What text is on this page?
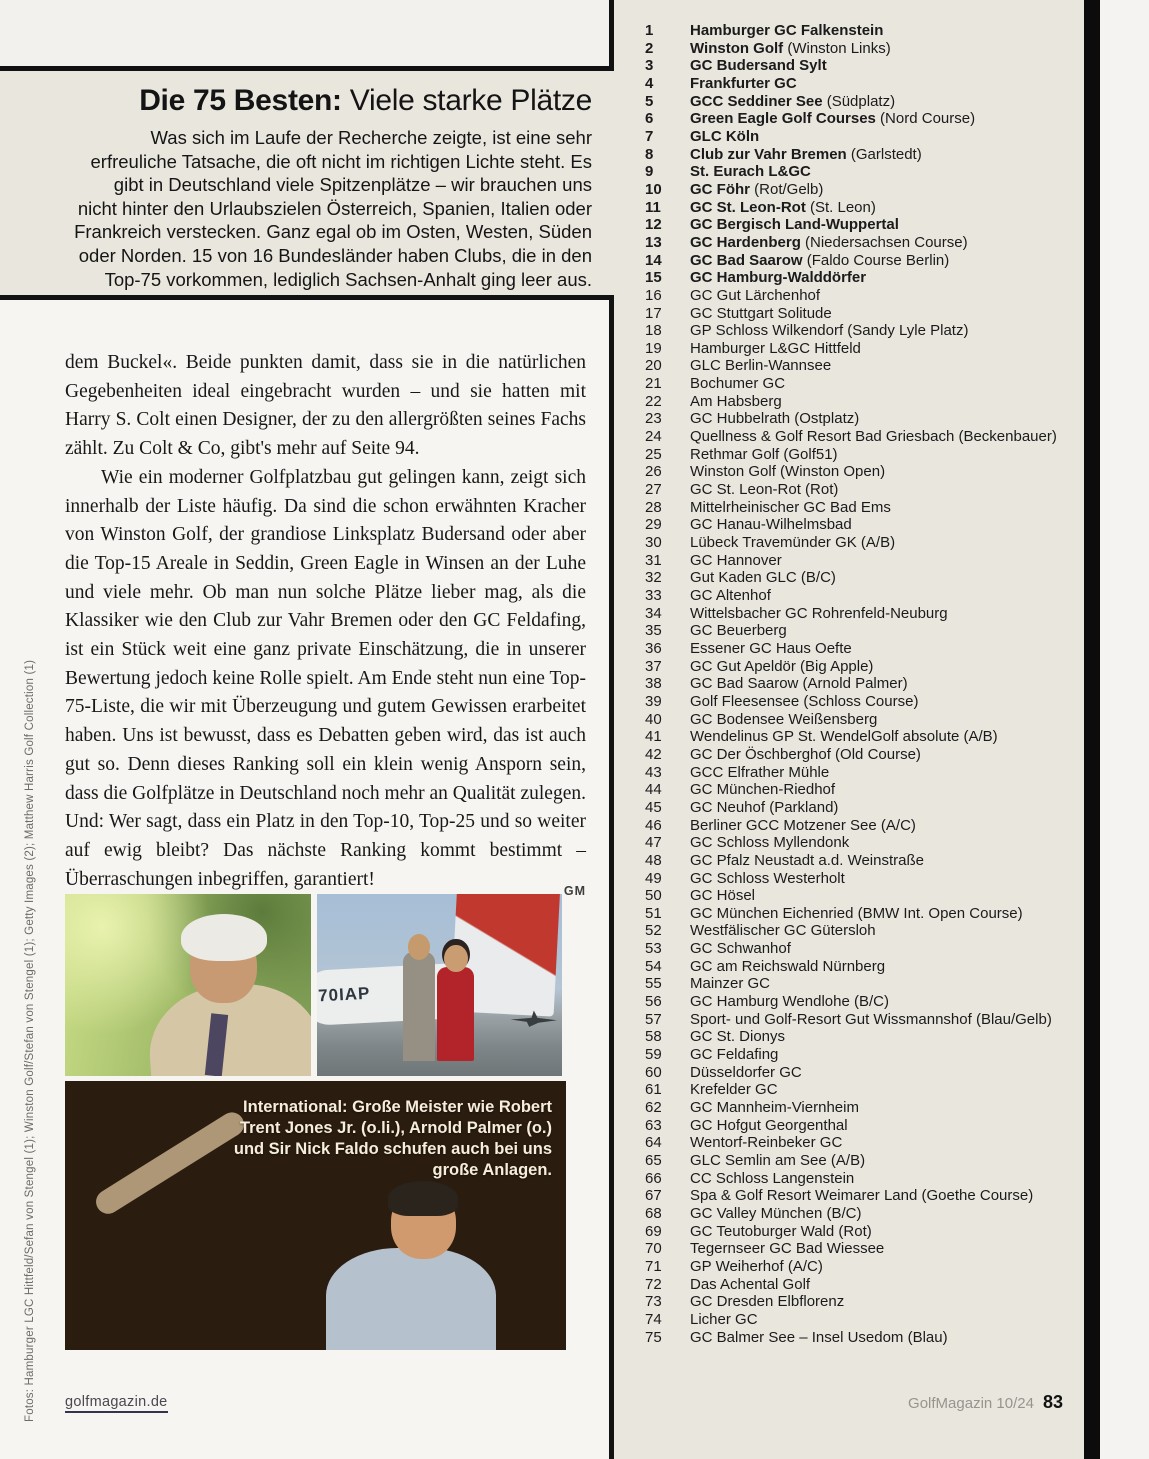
Die 75 Besten: Viele starke Plätze
Was sich im Laufe der Recherche zeigte, ist eine sehr erfreuliche Tatsache, die oft nicht im richtigen Lichte steht. Es gibt in Deutschland viele Spitzenplätze – wir brauchen uns nicht hinter den Urlaubszielen Österreich, Spanien, Italien oder Frankreich verstecken. Ganz egal ob im Osten, Westen, Süden oder Norden. 15 von 16 Bundesländer haben Clubs, die in den Top-75 vorkommen, lediglich Sachsen-Anhalt ging leer aus.

dem Buckel«. Beide punkten damit, dass sie in die natürlichen Gegebenheiten ideal eingebracht wurden – und sie hatten mit Harry S. Colt einen Designer, der zu den allergrößten seines Fachs zählt. Zu Colt & Co, gibt's mehr auf Seite 94.

Wie ein moderner Golfplatzbau gut gelingen kann, zeigt sich innerhalb der Liste häufig. Da sind die schon erwähnten Kracher von Winston Golf, der grandiose Linksplatz Budersand oder aber die Top-15 Areale in Seddin, Green Eagle in Winsen an der Luhe und viele mehr. Ob man nun solche Plätze lieber mag, als die Klassiker wie den Club zur Vahr Bremen oder den GC Feldafing, ist ein Stück weit eine ganz private Einschätzung, die in unserer Bewertung jedoch keine Rolle spielt. Am Ende steht nun eine Top-75-Liste, die wir mit Überzeugung und gutem Gewissen erarbeitet haben. Uns ist bewusst, dass es Debatten geben wird, das ist auch gut so. Denn dieses Ranking soll ein klein wenig Ansporn sein, dass die Golfplätze in Deutschland noch mehr an Qualität zulegen. Und: Wer sagt, dass ein Platz in den Top-10, Top-25 und so weiter auf ewig bleibt? Das nächste Ranking kommt bestimmt – Überraschungen inbegriffen, garantiert!
GM

70IAP
International: Große Meister wie Robert Trent Jones Jr. (o.li.), Arnold Palmer (o.) und Sir Nick Faldo schufen auch bei uns große Anlagen.
Fotos: Hamburger LGC Hittfeld/Sefan von Stengel (1); Winston Golf/Stefan von Stengel (1); Getty Images (2); Matthew Harris Golf Collection (1)
1	Hamburger GC Falkenstein
2	Winston Golf (Winston Links)
3	GC Budersand Sylt
4	Frankfurter GC
5	GCC Seddiner See (Südplatz)
6	Green Eagle Golf Courses (Nord Course)
7	GLC Köln
8	Club zur Vahr Bremen (Garlstedt)
9	St. Eurach L&GC
10	GC Föhr (Rot/Gelb)
11	GC St. Leon-Rot (St. Leon)
12	GC Bergisch Land-Wuppertal
13	GC Hardenberg (Niedersachsen Course)
14	GC Bad Saarow (Faldo Course Berlin)
15	GC Hamburg-Walddörfer
16	GC Gut Lärchenhof
17	GC Stuttgart Solitude
18	GP Schloss Wilkendorf (Sandy Lyle Platz)
19	Hamburger L&GC Hittfeld
20	GLC Berlin-Wannsee
21	Bochumer GC
22	Am Habsberg
23	GC Hubbelrath (Ostplatz)
24	Quellness & Golf Resort Bad Griesbach (Beckenbauer)
25	Rethmar Golf (Golf51)
26	Winston Golf (Winston Open)
27	GC St. Leon-Rot (Rot)
28	Mittelrheinischer GC Bad Ems
29	GC Hanau-Wilhelmsbad
30	Lübeck Travemünder GK (A/B)
31	GC Hannover
32	Gut Kaden GLC (B/C)
33	GC Altenhof
34	Wittelsbacher GC Rohrenfeld-Neuburg
35	GC Beuerberg
36	Essener GC Haus Oefte
37	GC Gut Apeldör (Big Apple)
38	GC Bad Saarow (Arnold Palmer)
39	Golf Fleesensee (Schloss Course)
40	GC Bodensee Weißensberg
41	Wendelinus GP St. WendelGolf absolute (A/B)
42	GC Der Öschberghof (Old Course)
43	GCC Elfrather Mühle
44	GC München-Riedhof
45	GC Neuhof (Parkland)
46	Berliner GCC Motzener See (A/C)
47	GC Schloss Myllendonk
48	GC Pfalz Neustadt a.d. Weinstraße
49	GC Schloss Westerholt
50	GC Hösel
51	GC München Eichenried (BMW Int. Open Course)
52	Westfälischer GC Gütersloh
53	GC Schwanhof
54	GC am Reichswald Nürnberg
55	Mainzer GC
56	GC Hamburg Wendlohe (B/C)
57	Sport- und Golf-Resort Gut Wissmannshof (Blau/Gelb)
58	GC St. Dionys
59	GC Feldafing
60	Düsseldorfer GC
61	Krefelder GC
62	GC Mannheim-Viernheim
63	GC Hofgut Georgenthal
64	Wentorf-Reinbeker GC
65	GLC Semlin am See (A/B)
66	CC Schloss Langenstein
67	Spa & Golf Resort Weimarer Land (Goethe Course)
68	GC Valley München (B/C)
69	GC Teutoburger Wald (Rot)
70	Tegernseer GC Bad Wiessee
71	GP Weiherhof (A/C)
72	Das Achental Golf
73	GC Dresden Elbflorenz
74	Licher GC
75	GC Balmer See – Insel Usedom (Blau)
golfmagazin.de	GolfMagazin 10/24 83
